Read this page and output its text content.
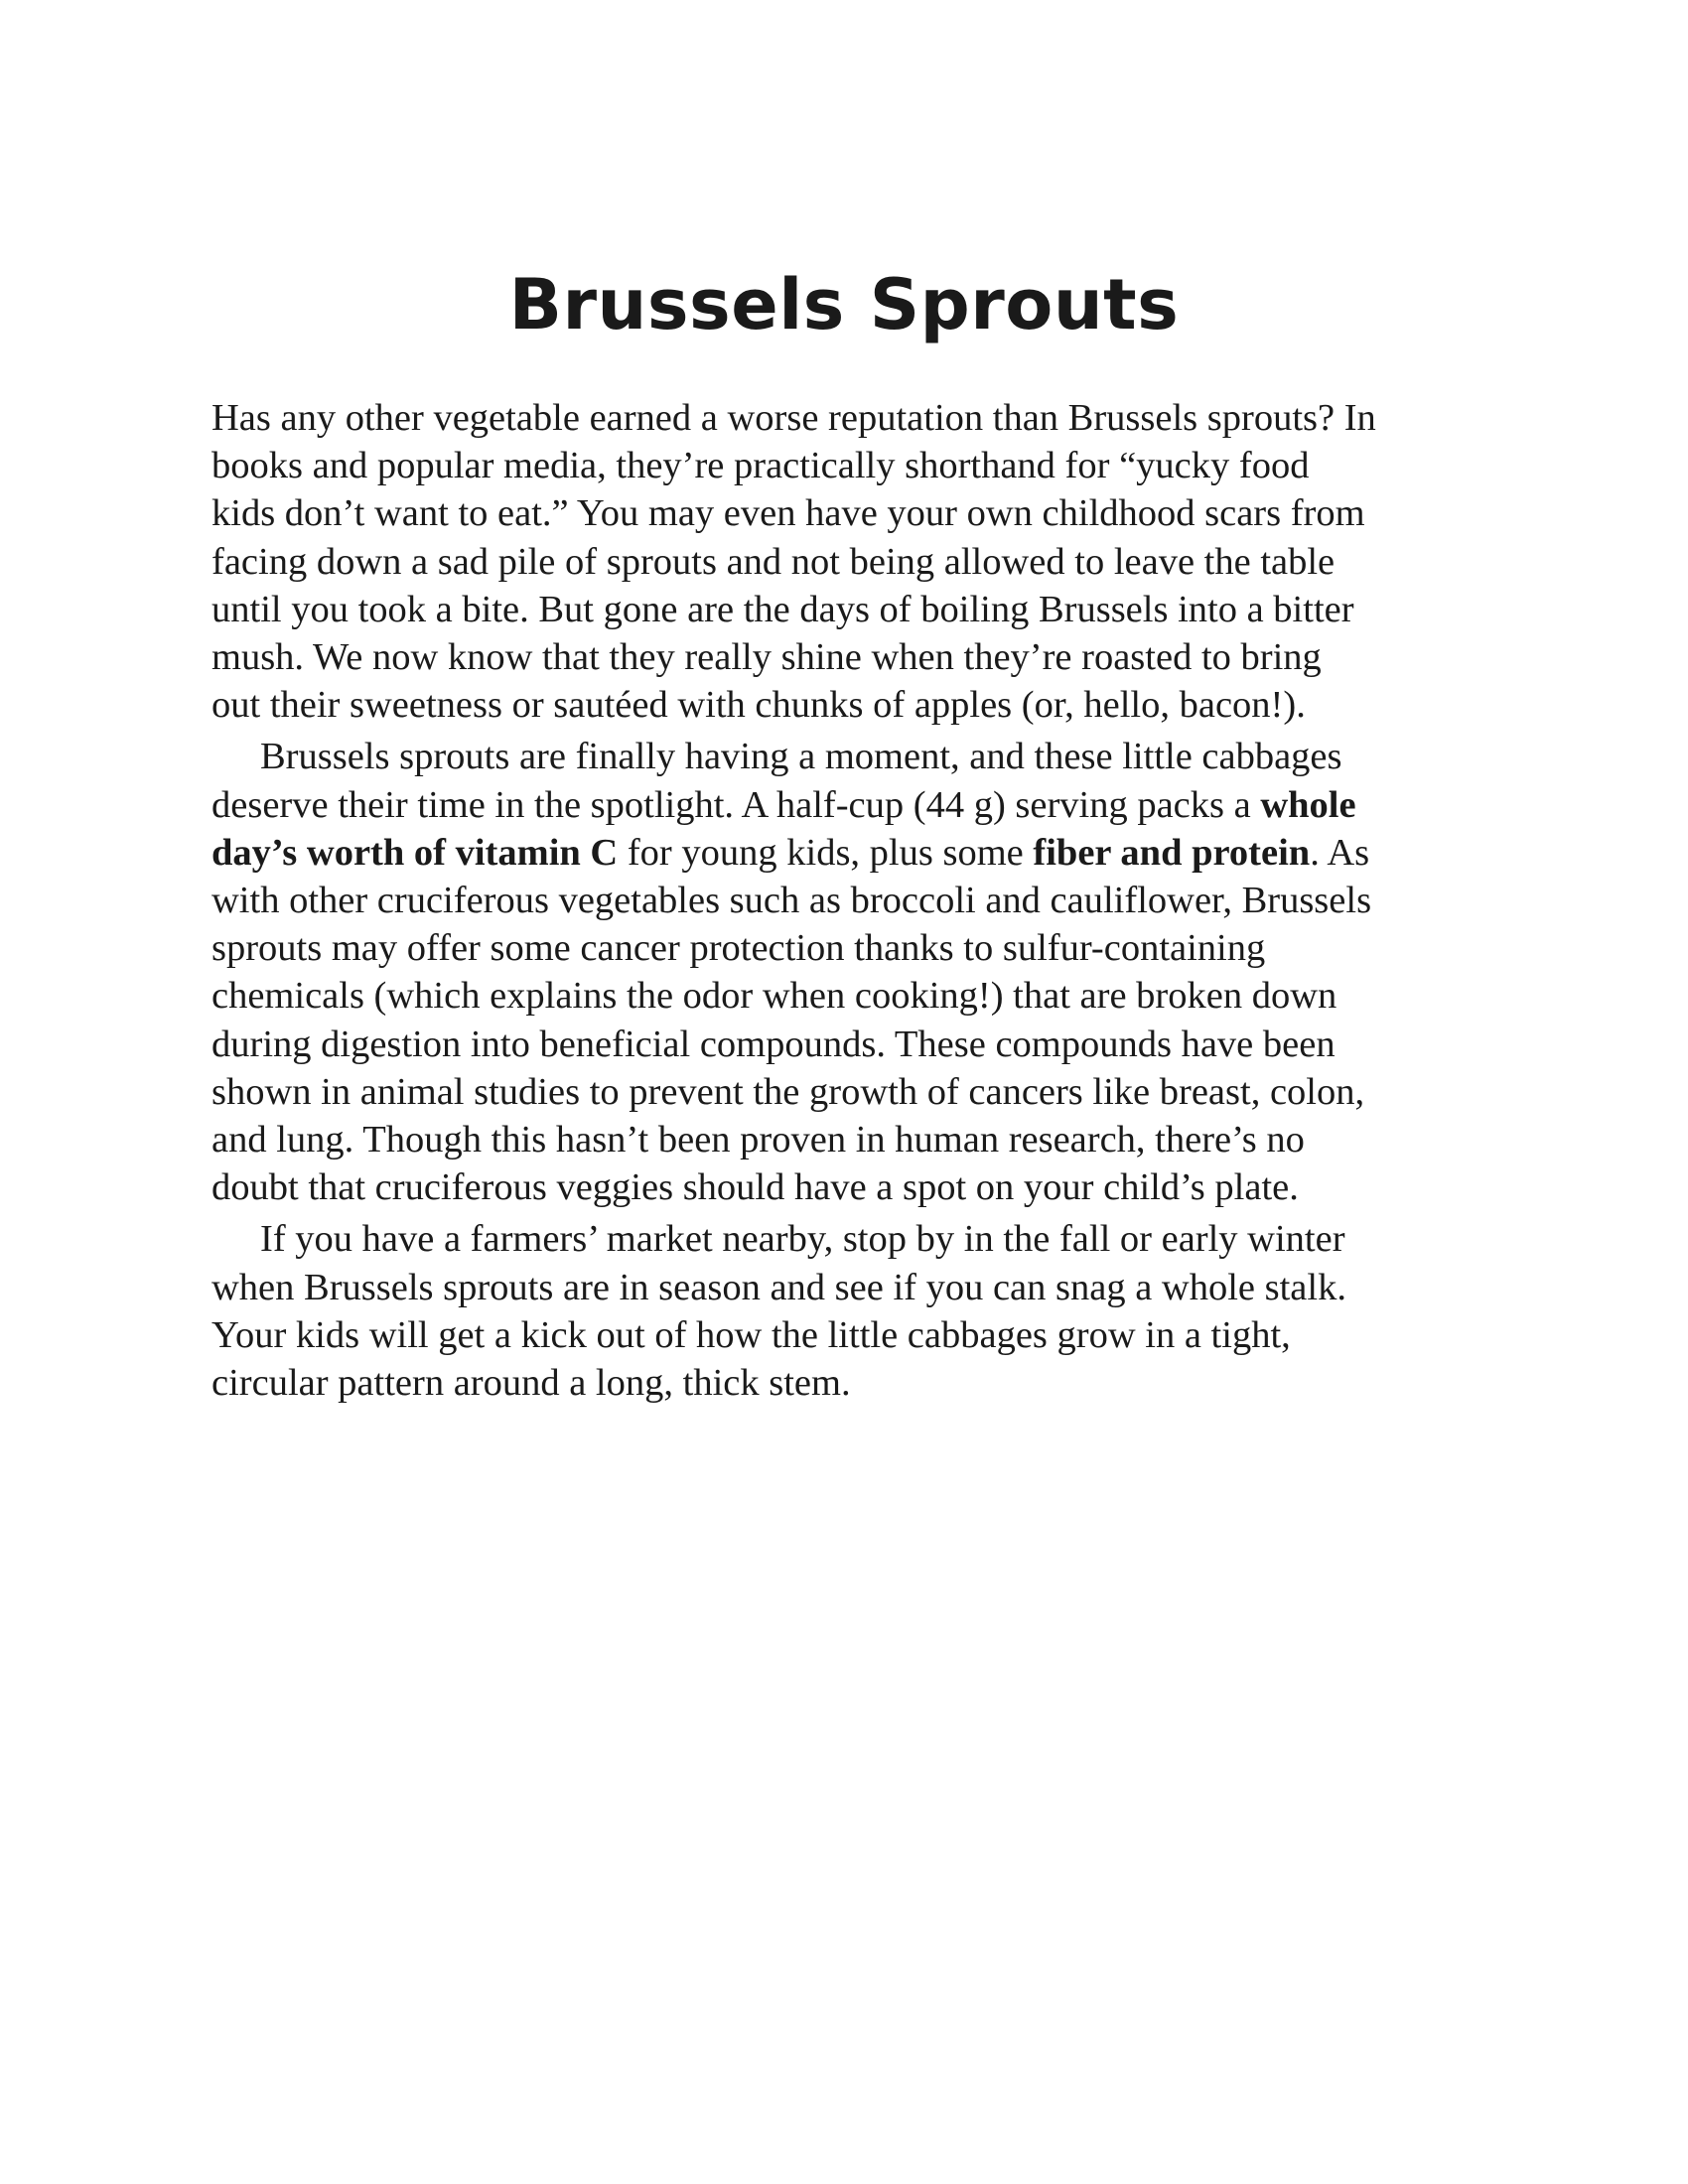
Brussels Sprouts

Has any other vegetable earned a worse reputation than Brussels sprouts? In
books and popular media, they’re practically shorthand for “yucky food
kids don’t want to eat.” You may even have your own childhood scars from
facing down a sad pile of sprouts and not being allowed to leave the table
until you took a bite. But gone are the days of boiling Brussels into a bitter
mush. We now know that they really shine when they’re roasted to bring
out their sweetness or sautéed with chunks of apples (or, hello, bacon!).

Brussels sprouts are finally having a moment, and these little cabbages
deserve their time in the spotlight. A half-cup (44 g) serving packs a whole
day’s worth of vitamin C for young kids, plus some fiber and protein. As
with other cruciferous vegetables such as broccoli and cauliflower, Brussels
sprouts may offer some cancer protection thanks to sulfur-containing
chemicals (which explains the odor when cooking!) that are broken down
during digestion into beneficial compounds. These compounds have been
shown in animal studies to prevent the growth of cancers like breast, colon,
and lung. Though this hasn’t been proven in human research, there’s no
doubt that cruciferous veggies should have a spot on your child’s plate.

If you have a farmers’ market nearby, stop by in the fall or early winter
when Brussels sprouts are in season and see if you can snag a whole stalk.
Your kids will get a kick out of how the little cabbages grow in a tight,
circular pattern around a long, thick stem.
